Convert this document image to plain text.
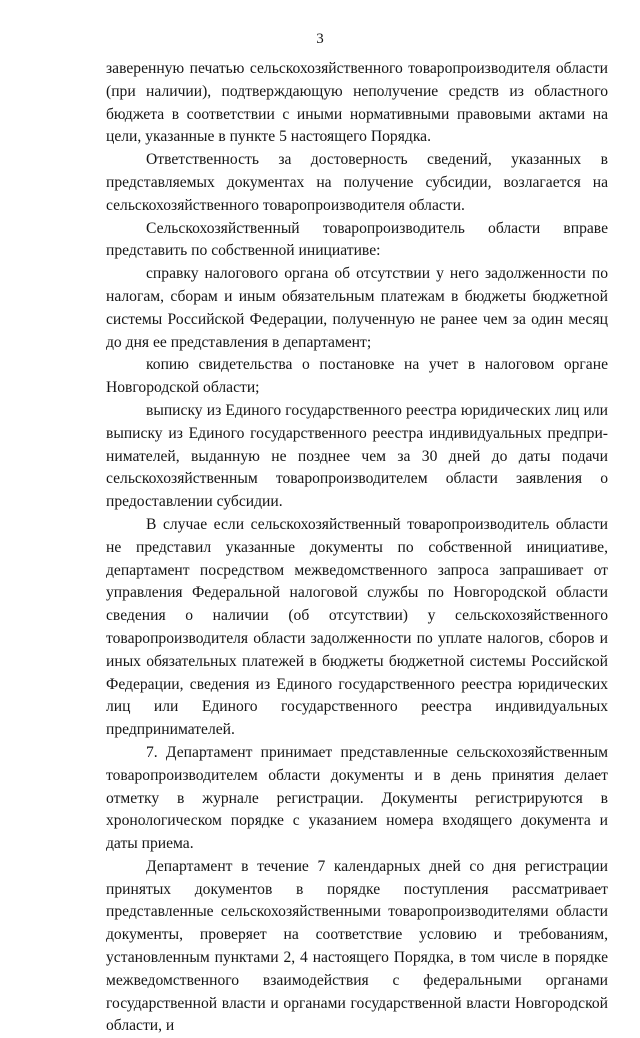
3

заверенную печатью сельскохозяйственного товаропроизводителя области (при наличии), подтверждающую неполучение средств из областного бюджета в соответствии с иными нормативными правовыми актами на цели, указанные в пункте 5 настоящего Порядка.

Ответственность за достоверность сведений, указанных в представляемых документах на получение субсидии, возлагается на сельскохозяйственного товаропроизводителя области.

Сельскохозяйственный товаропроизводитель области вправе представить по собственной инициативе:

справку налогового органа об отсутствии у него задолженности по налогам, сборам и иным обязательным платежам в бюджеты бюджетной системы Российской Федерации, полученную не ранее чем за один месяц до дня ее представления в департамент;

копию свидетельства о постановке на учет в налоговом органе Новгородской области;

выписку из Единого государственного реестра юридических лиц или выписку из Единого государственного реестра индивидуальных предпринимателей, выданную не позднее чем за 30 дней до даты подачи сельскохозяйственным товаропроизводителем области заявления о предоставлении субсидии.

В случае если сельскохозяйственный товаропроизводитель области не представил указанные документы по собственной инициативе, департамент посредством межведомственного запроса запрашивает от управления Федеральной налоговой службы по Новгородской области сведения о наличии (об отсутствии) у сельскохозяйственного товаропроизводителя области задолженности по уплате налогов, сборов и иных обязательных платежей в бюджеты бюджетной системы Российской Федерации, сведения из Единого государственного реестра юридических лиц или Единого государственного реестра индивидуальных предпринимателей.

7. Департамент принимает представленные сельскохозяйственным товаропроизводителем области документы и в день принятия делает отметку в журнале регистрации. Документы регистрируются в хронологическом порядке с указанием номера входящего документа и даты приема.

Департамент в течение 7 календарных дней со дня регистрации принятых документов в порядке поступления рассматривает представленные сельскохозяйственными товаропроизводителями области документы, проверяет на соответствие условию и требованиям, установленным пунктами 2, 4 настоящего Порядка, в том числе в порядке межведомственного взаимодействия с федеральными органами государственной власти и органами государственной власти Новгородской области, и
